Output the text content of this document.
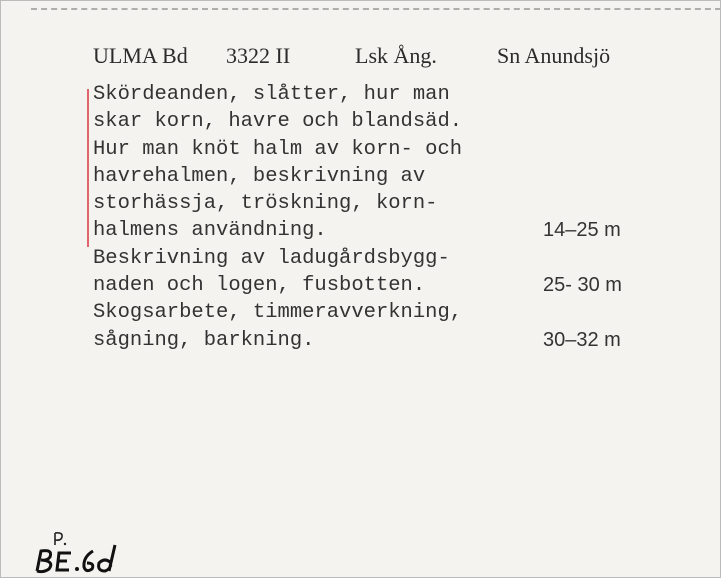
ULMA Bd 3322 II	Lsk Ång.	Sn Anundsjö
Skördeanden, slåtter, hur man
skar korn, havre och blandsäd.
Hur man knöt halm av korn- och
havrehalmen, beskrivning av
storhässja, tröskning, korn-
halmens användning.	14–25 m
Beskrivning av ladugårdsbygg-
naden och logen, fusbotten.	25- 30 m
Skogsarbete, timmeravverkning,
sågning, barkning.	30–32 m
